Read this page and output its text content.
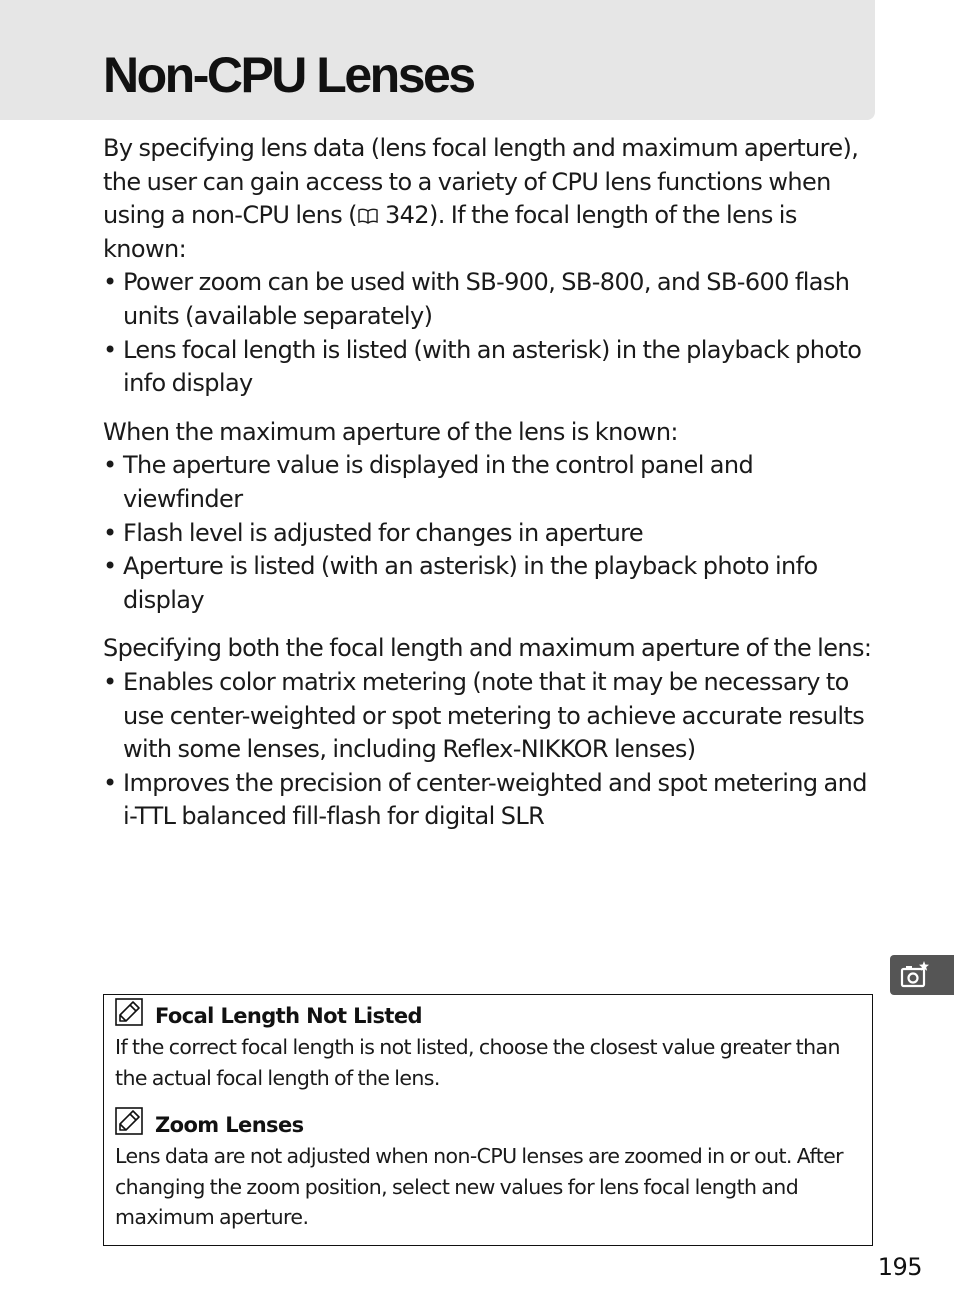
Non-CPU Lenses

By specifying lens data (lens focal length and maximum aperture), the user can gain access to a variety of CPU lens functions when using a non-CPU lens (
342). If the focal length of the lens is known:

• Power zoom can be used with SB-900, SB-800, and SB-600 flash units (available separately)
• Lens focal length is listed (with an asterisk) in the playback photo info display

When the maximum aperture of the lens is known:

• The aperture value is displayed in the control panel and viewfinder
• Flash level is adjusted for changes in aperture
• Aperture is listed (with an asterisk) in the playback photo info display

Specifying both the focal length and maximum aperture of the lens:

• Enables color matrix metering (note that it may be necessary to use center-weighted or spot metering to achieve accurate results with some lenses, including Reflex-NIKKOR lenses)
• Improves the precision of center-weighted and spot metering and i-TTL balanced fill-flash for digital SLR
Focal Length Not Listed

If the correct focal length is not listed, choose the closest value greater than the actual focal length of the lens.

Zoom Lenses

Lens data are not adjusted when non-CPU lenses are zoomed in or out. After changing the zoom position, select new values for lens focal length and maximum aperture.

195
